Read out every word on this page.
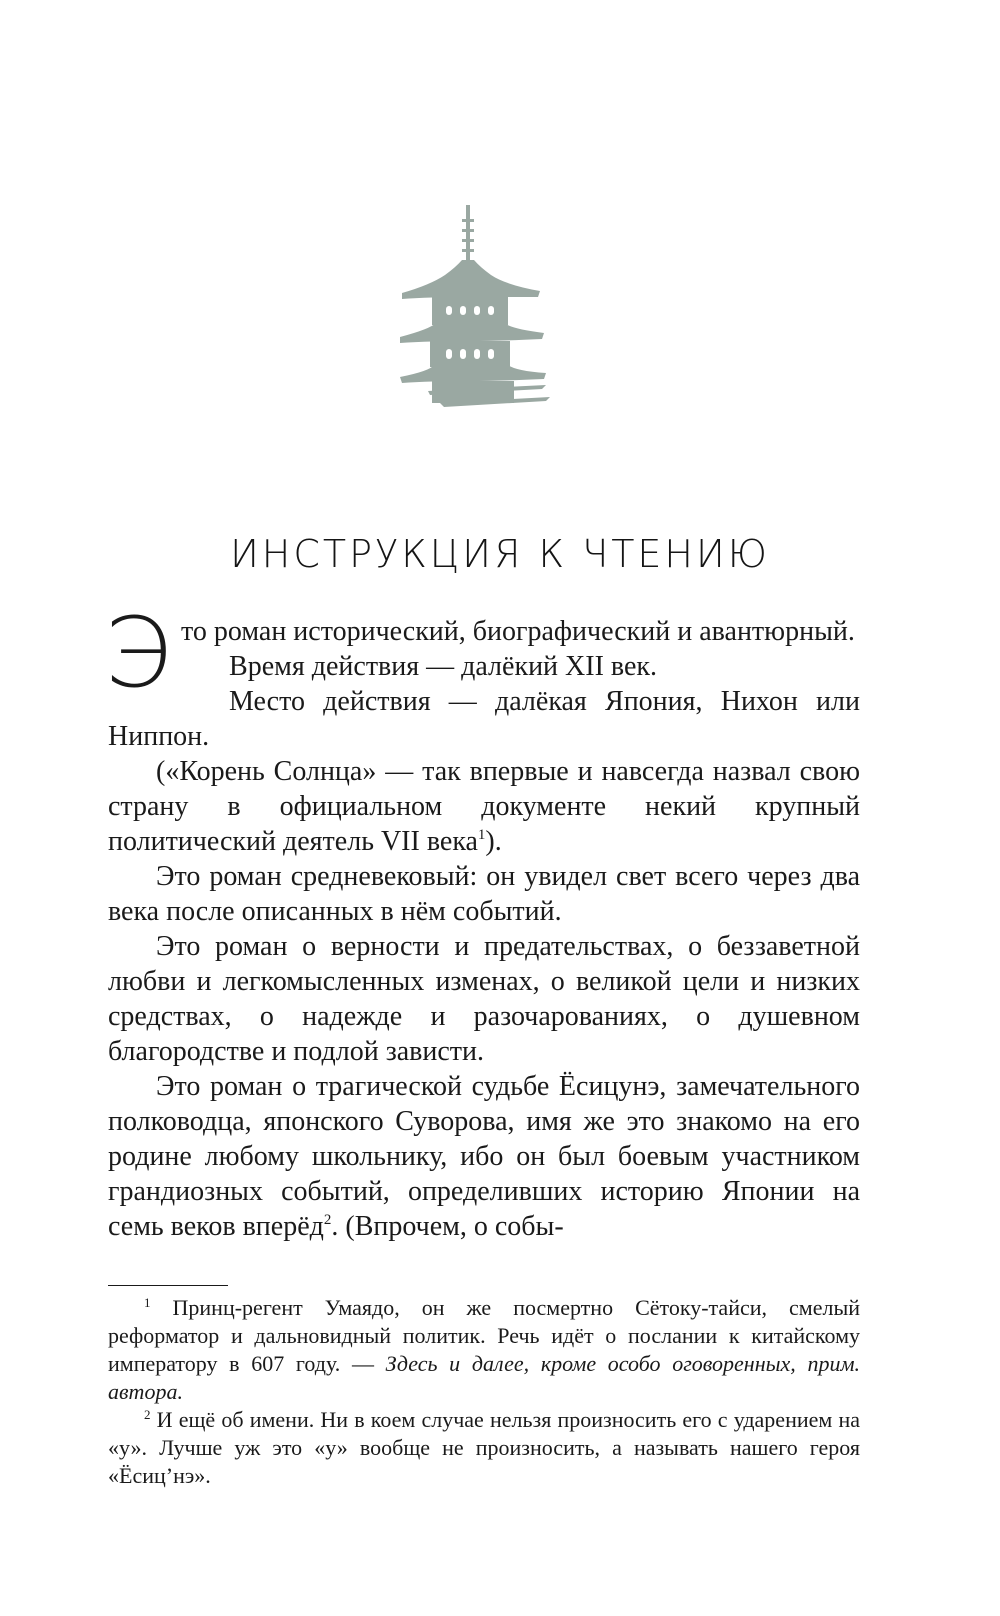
ИНСТРУКЦИЯ К ЧТЕНИЮ

Это роман исторический, биографический и авантюрный.

Время действия — далёкий XII век.

Место действия — далёкая Япония, Нихон или Ниппон.

(«Корень Солнца» — так впервые и навсегда назвал свою страну в официальном документе некий крупный политический деятель VII века$^1$).

Это роман средневековый: он увидел свет всего через два века после описанных в нём событий.

Это роман о верности и предательствах, о беззаветной любви и легкомысленных изменах, о великой цели и низких средствах, о надежде и разочарованиях, о душевном благородстве и подлой зависти.

Это роман о трагической судьбе Ёсицунэ, замечательного полководца, японского Суворова, имя же это знакомо на его родине любому школьнику, ибо он был боевым участником грандиозных событий, определивших историю Японии на семь веков вперёд$^2$. (Впрочем, о собы-

$^1$ Принц-регент Умаядо, он же посмертно Сётоку-тайси, смелый реформатор и дальновидный политик. Речь идёт о послании к китайскому императору в 607 году. — Здесь и далее, кроме особо оговоренных, прим. автора.

$^2$ И ещё об имени. Ни в коем случае нельзя произносить его с ударением на «у». Лучше уж это «у» вообще не произносить, а называть нашего героя «Ёсиц’нэ».
